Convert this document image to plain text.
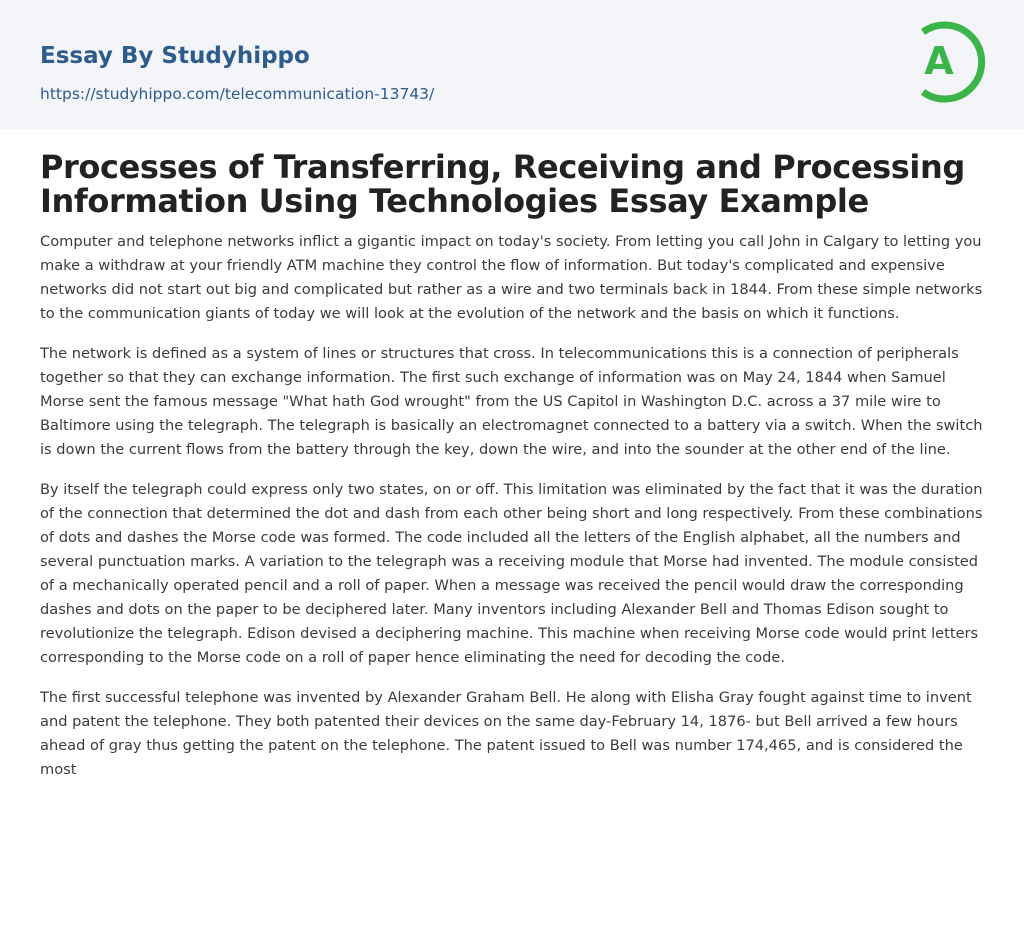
Essay By Studyhippo
https://studyhippo.com/telecommunication-13743/
A
Processes of Transferring, Receiving and Processing Information Using Technologies Essay Example

Computer and telephone networks inflict a gigantic impact on today's society. From letting you call John in Calgary to letting you make a withdraw at your friendly ATM machine they control the flow of information. But today's complicated and expensive networks did not start out big and complicated but rather as a wire and two terminals back in 1844. From these simple networks to the communication giants of today we will look at the evolution of the network and the basis on which it functions.

The network is defined as a system of lines or structures that cross. In telecommunications this is a connection of peripherals together so that they can exchange information. The first such exchange of information was on May 24, 1844 when Samuel Morse sent the famous message "What hath God wrought" from the US Capitol in Washington D.C. across a 37 mile wire to Baltimore using the telegraph. The telegraph is basically an electromagnet connected to a battery via a switch. When the switch is down the current flows from the battery through the key, down the wire, and into the sounder at the other end of the line.

By itself the telegraph could express only two states, on or off. This limitation was eliminated by the fact that it was the duration of the connection that determined the dot and dash from each other being short and long respectively. From these combinations of dots and dashes the Morse code was formed. The code included all the letters of the English alphabet, all the numbers and several punctuation marks. A variation to the telegraph was a receiving module that Morse had invented. The module consisted of a mechanically operated pencil and a roll of paper. When a message was received the pencil would draw the corresponding dashes and dots on the paper to be deciphered later. Many inventors including Alexander Bell and Thomas Edison sought to revolutionize the telegraph. Edison devised a deciphering machine. This machine when receiving Morse code would print letters corresponding to the Morse code on a roll of paper hence eliminating the need for decoding the code.

The first successful telephone was invented by Alexander Graham Bell. He along with Elisha Gray fought against time to invent and patent the telephone. They both patented their devices on the same day-February 14, 1876- but Bell arrived a few hours ahead of gray thus getting the patent on the telephone. The patent issued to Bell was number 174,465, and is considered the most
